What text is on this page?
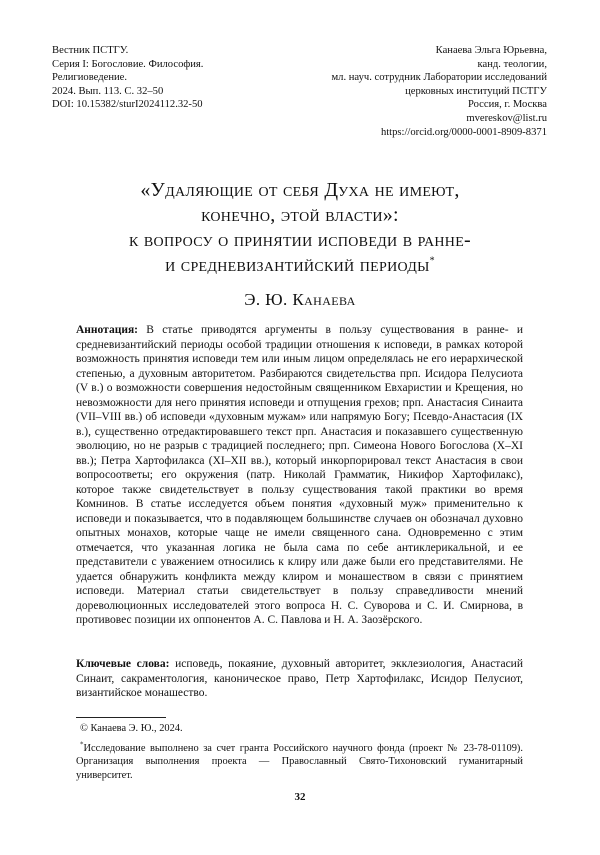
Вестник ПСТГУ.
Серия I: Богословие. Философия.
Религиоведение.
2024. Вып. 113. С. 32–50
DOI: 10.15382/sturI2024112.32-50
Канаева Эльга Юрьевна,
канд. теологии,
мл. науч. сотрудник Лаборатории исследований
церковных институций ПСТГУ
Россия, г. Москва
mvereskov@list.ru
https://orcid.org/0000-0001-8909-8371
«Удаляющие от себя Духа не имеют,
конечно, этой власти»:
к вопросу о принятии исповеди в ранне-
и средневизантийский периоды*
Э. Ю. Канаева
Аннотация: В статье приводятся аргументы в пользу существования в ранне- и средневизантийский периоды особой традиции отношения к исповеди, в рамках которой возможность принятия исповеди тем или иным лицом определялась не его иерархической степенью, а духовным авторитетом. Разбираются свидетельства прп. Исидора Пелусиота (V в.) о возможности совершения недостойным священником Евхаристии и Крещения, но невозможности для него принятия исповеди и отпущения грехов; прп. Анастасия Синаита (VII–VIII вв.) об исповеди «духовным мужам» или напрямую Богу; Псевдо-Анастасия (IX в.), существенно отредактировавшего текст прп. Анастасия и показавшего существенную эволюцию, но не разрыв с традицией последнего; прп. Симеона Нового Богослова (X–XI вв.); Петра Хартофилакса (XI–XII вв.), который инкорпорировал текст Анастасия в свои вопросоответы; его окружения (патр. Николай Грамматик, Никифор Хартофилакс), которое также свидетельствует в пользу существования такой практики во время Комнинов. В статье исследуется объем понятия «духовный муж» применительно к исповеди и показывается, что в подавляющем большинстве случаев он обозначал духовно опытных монахов, которые чаще не имели священного сана. Одновременно с этим отмечается, что указанная логика не была сама по себе антиклерикальной, и ее представители с уважением относились к клиру или даже были его представителями. Не удается обнаружить конфликта между клиром и монашеством в связи с принятием исповеди. Материал статьи свидетельствует в пользу справедливости мнений дореволюционных исследователей этого вопроса Н. С. Суворова и С. И. Смирнова, в противовес позиции их оппонентов А. С. Павлова и Н. А. Заозёрского.
Ключевые слова: исповедь, покаяние, духовный авторитет, экклезиология, Анастасий Синаит, сакраментология, каноническое право, Петр Хартофилакс, Исидор Пелусиот, византийское монашество.

© Канаева Э. Ю., 2024.

*Исследование выполнено за счет гранта Российского научного фонда (проект № 23-78-01109). Организация выполнения проекта — Православный Свято-Тихоновский гуманитарный университет.

32
